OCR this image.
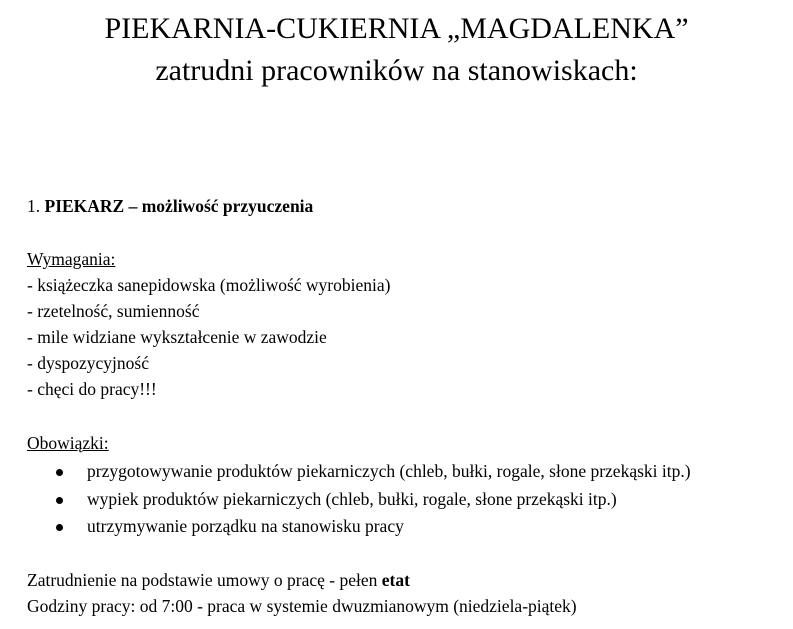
PIEKARNIA-CUKIERNIA „MAGDALENKA”
zatrudni pracowników na stanowiskach:
1. PIEKARZ – możliwość przyuczenia
Wymagania:
- książeczka sanepidowska (możliwość wyrobienia)
- rzetelność, sumienność
- mile widziane wykształcenie w zawodzie
- dyspozycyjność
- chęci do pracy!!!
Obowiązki:
przygotowywanie produktów piekarniczych (chleb, bułki, rogale, słone przekąski itp.)
wypiek produktów piekarniczych (chleb, bułki, rogale, słone przekąski itp.)
utrzymywanie porządku na stanowisku pracy
Zatrudnienie na podstawie umowy o pracę - pełen etat
Godziny pracy: od 7:00 - praca w systemie dwuzmianowym (niedziela-piątek)
